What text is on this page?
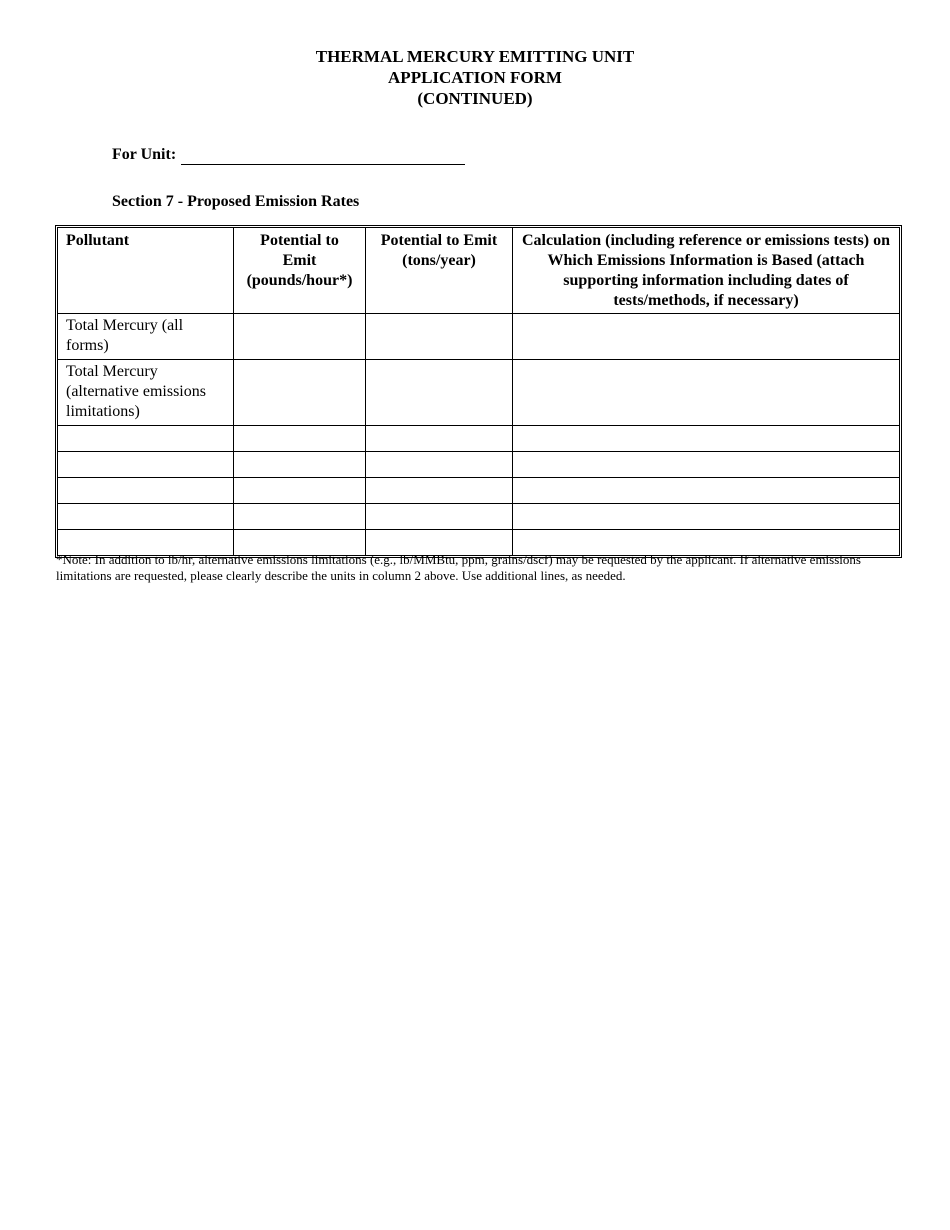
THERMAL MERCURY EMITTING UNIT
APPLICATION FORM
(CONTINUED)
For Unit:
Section 7 - Proposed Emission Rates
Pollutant	Potential to Emit (pounds/hour*)	Potential to Emit (tons/year)	Calculation (including reference or emissions tests) on Which Emissions Information is Based (attach supporting information including dates of tests/methods, if necessary)
Total Mercury (all forms)			
Total Mercury (alternative emissions limitations)			

*Note: In addition to lb/hr, alternative emissions limitations (e.g., lb/MMBtu, ppm, grains/dscf) may be requested by the applicant. If alternative emissions limitations are requested, please clearly describe the units in column 2 above. Use additional lines, as needed.
